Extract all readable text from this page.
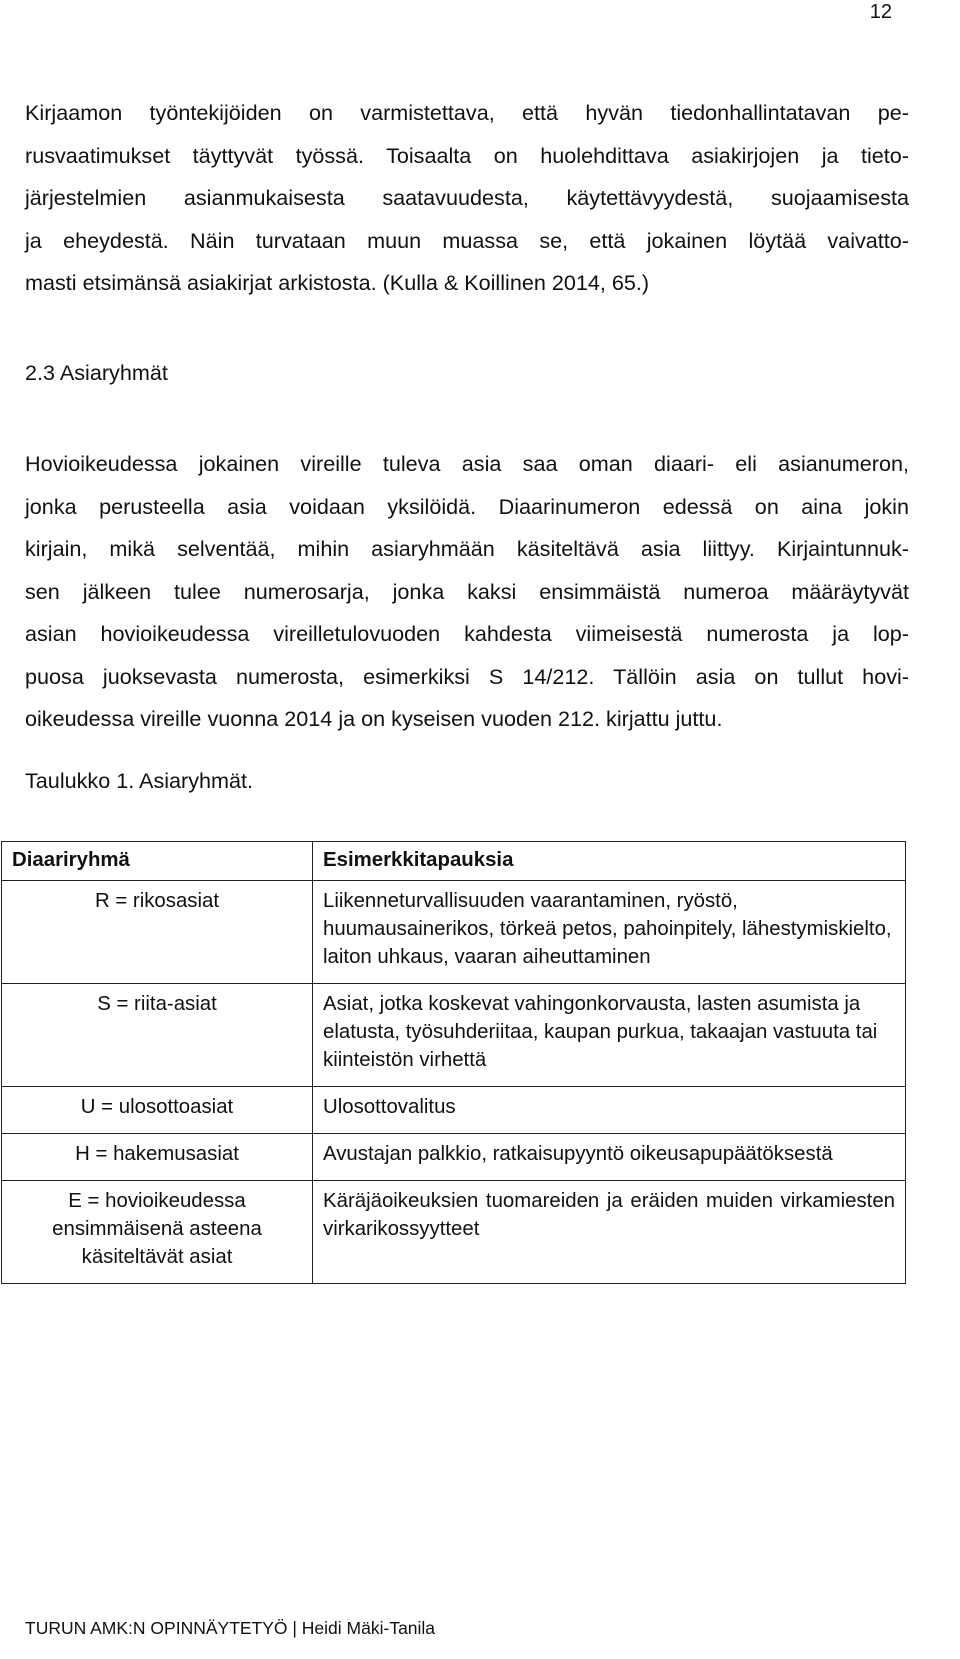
12
Kirjaamon työntekijöiden on varmistettava, että hyvän tiedonhallintatavan pe-
rusvaatimukset täyttyvät työssä. Toisaalta on huolehdittava asiakirjojen ja tieto-
järjestelmien asianmukaisesta saatavuudesta, käytettävyydestä, suojaamisesta
ja eheydestä. Näin turvataan muun muassa se, että jokainen löytää vaivatto-
masti etsimänsä asiakirjat arkistosta. (Kulla & Koillinen 2014, 65.)
2.3 Asiaryhmät
Hovioikeudessa jokainen vireille tuleva asia saa oman diaari- eli asianumeron,
jonka perusteella asia voidaan yksilöidä. Diaarinumeron edessä on aina jokin
kirjain, mikä selventää, mihin asiaryhmään käsiteltävä asia liittyy. Kirjaintunnuk-
sen jälkeen tulee numerosarja, jonka kaksi ensimmäistä numeroa määräytyvät
asian hovioikeudessa vireilletulovuoden kahdesta viimeisestä numerosta ja lop-
puosa juoksevasta numerosta, esimerkiksi S 14/212. Tällöin asia on tullut hovi-
oikeudessa vireille vuonna 2014 ja on kyseisen vuoden 212. kirjattu juttu.
Taulukko 1. Asiaryhmät.
Diaariryhmä	Esimerkkitapauksia
R = rikosasiat	Liikenneturvallisuuden vaarantaminen, ryöstö, huumausainerikos, törkeä petos, pahoinpitely, lähestymiskielto, laiton uhkaus, vaaran aiheuttaminen
S = riita-asiat	Asiat, jotka koskevat vahingonkorvausta, lasten asumista ja elatusta, työsuhderiitaa, kaupan purkua, takaajan vastuuta tai kiinteistön virhettä
U = ulosottoasiat	Ulosottovalitus
H = hakemusasiat	Avustajan palkkio, ratkaisupyyntö oikeusapupäätöksestä
E = hovioikeudessa ensimmäisenä asteena käsiteltävät asiat	Käräjäoikeuksien tuomareiden ja eräiden muiden virkamiesten virkarikossyytteet
TURUN AMK:N OPINNÄYTETYÖ | Heidi Mäki-Tanila
